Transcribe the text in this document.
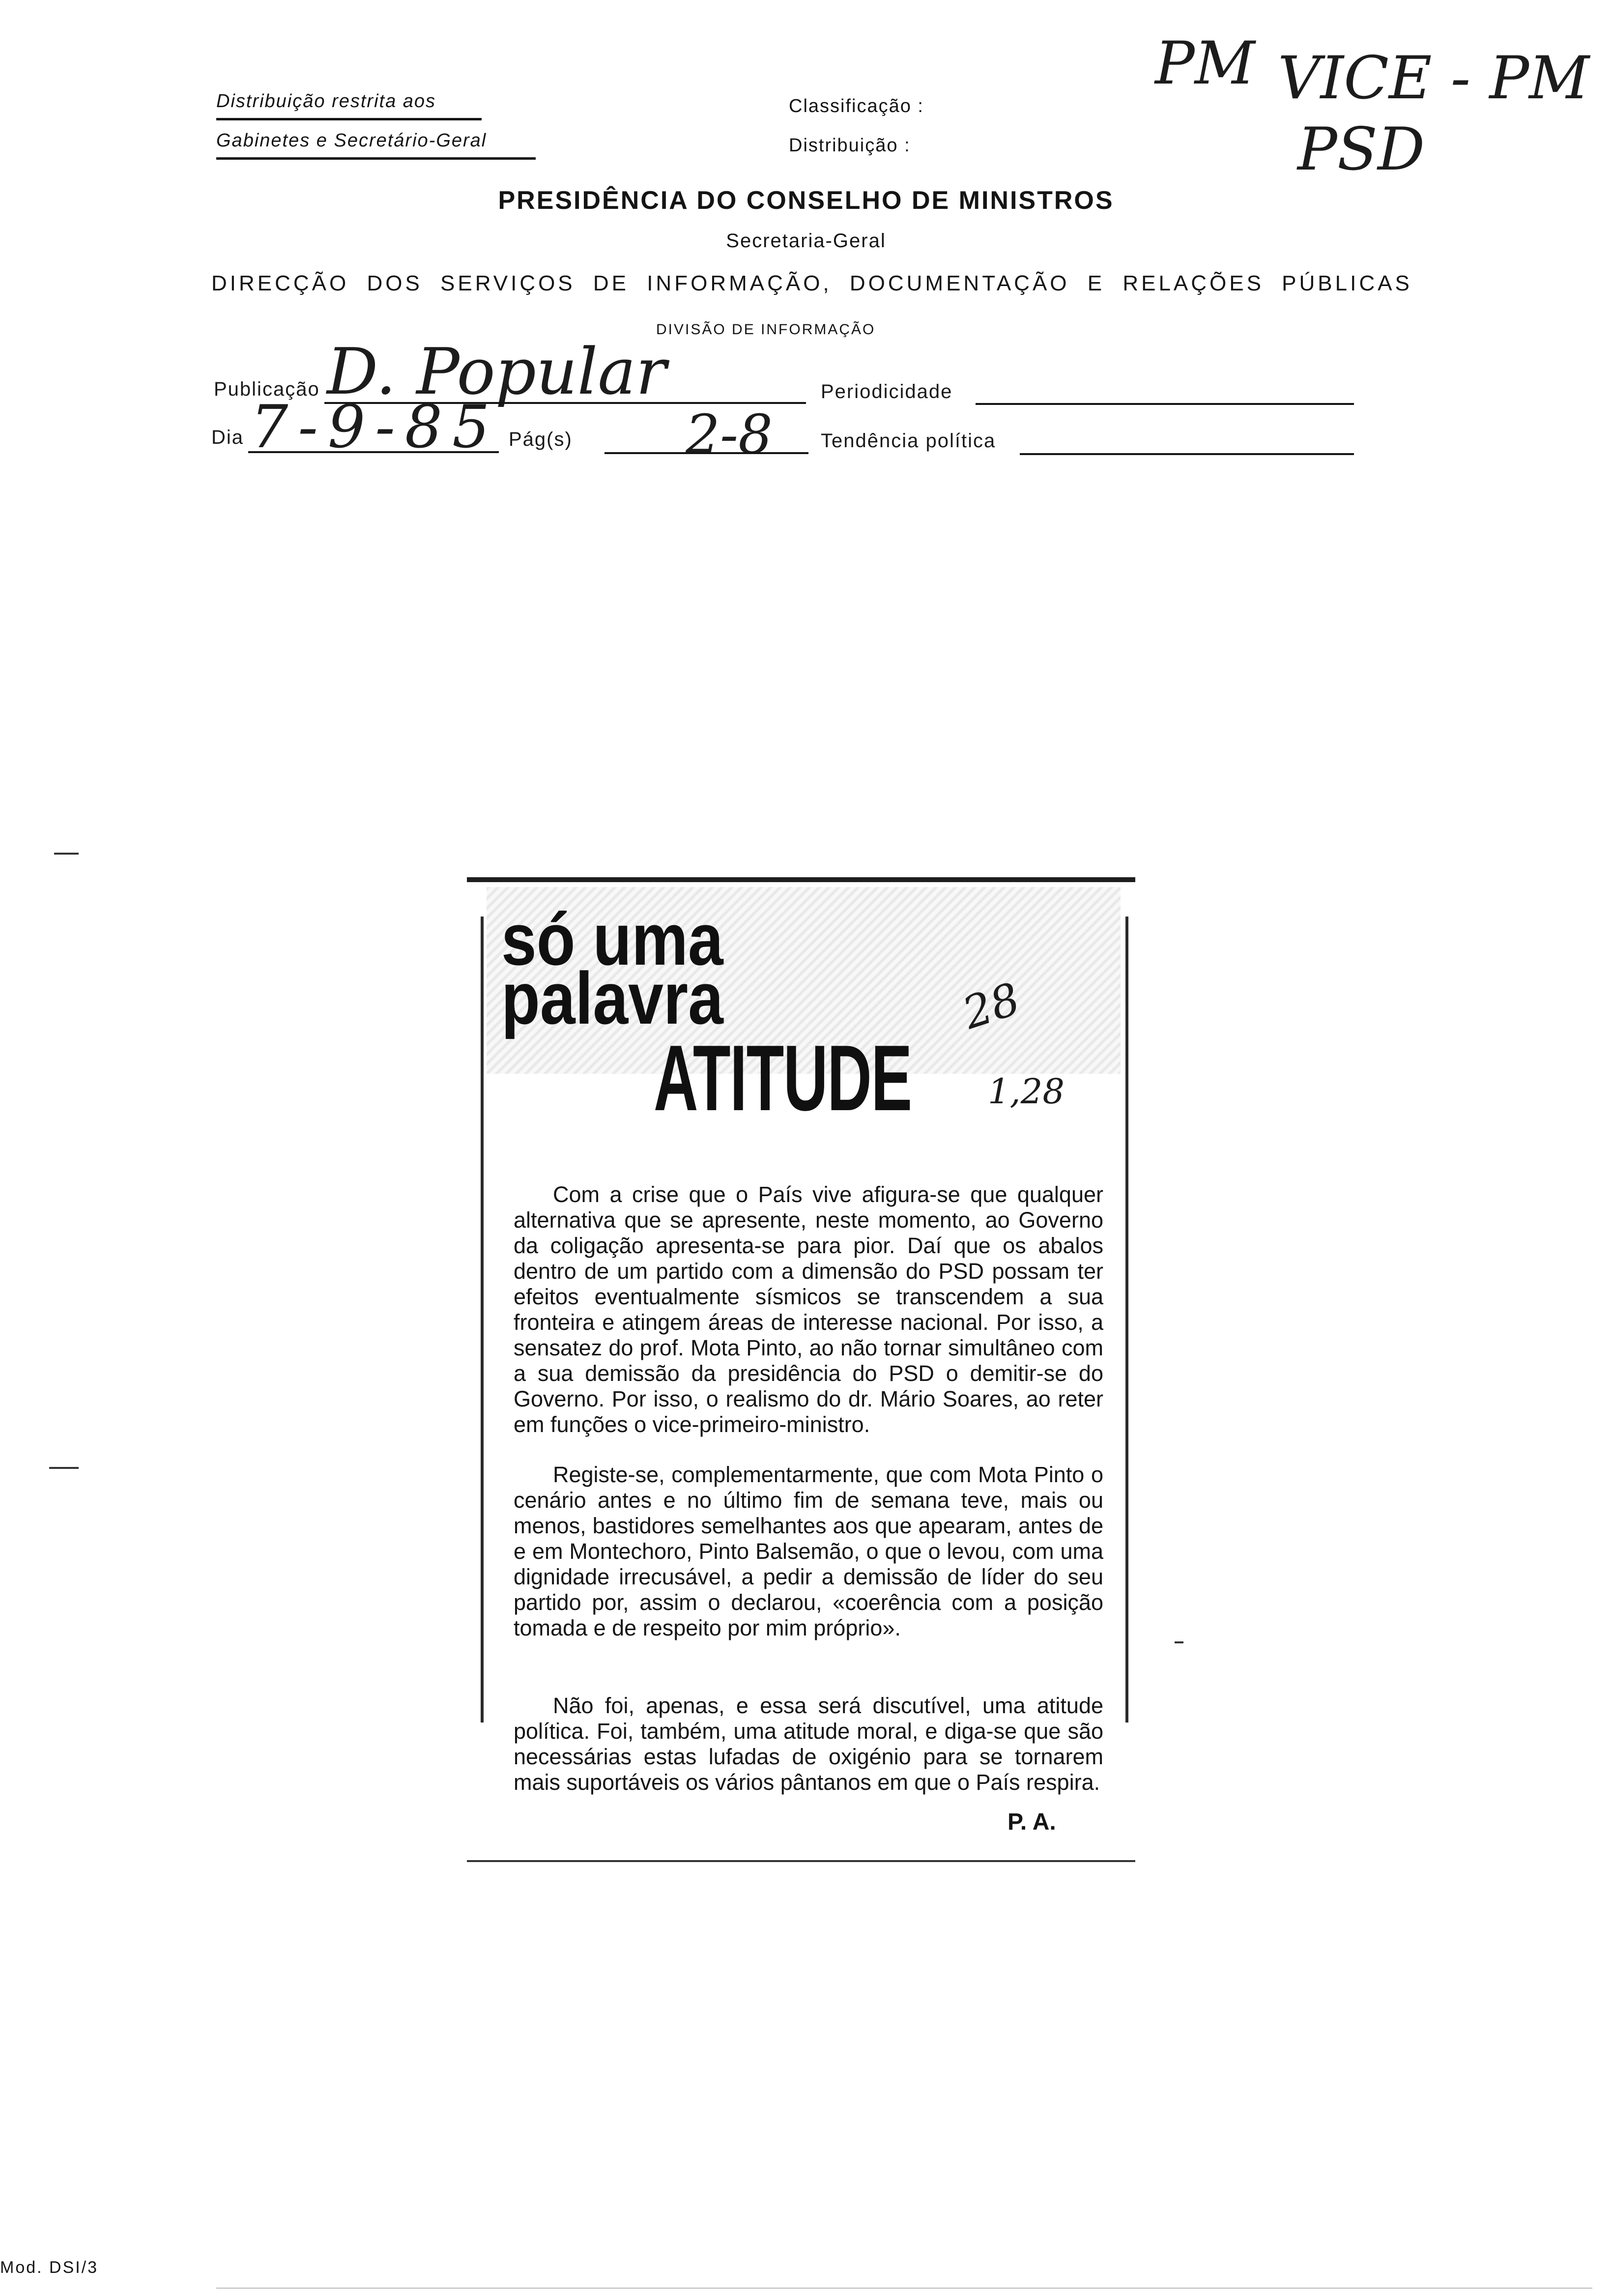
Distribuição restrita aos
Gabinetes e Secretário-Geral
Classificação :
Distribuição :
PM VICE - PM
PSD
PRESIDÊNCIA DO CONSELHO DE MINISTROS
Secretaria-Geral
DIRECÇÃO DOS SERVIÇOS DE INFORMAÇÃO, DOCUMENTAÇÃO E RELAÇÕES PÚBLICAS
DIVISÃO DE INFORMAÇÃO
Publicação D. Popular	Periodicidade
Dia 7-9-85 Pág(s) 2-8 Tendência política
só uma
palavra
ATITUDE
28
1,28
Com a crise que o País vive afigura-se que qualquer alternativa que se apresente, neste momento, ao Governo da coligação apresenta-se para pior. Daí que os abalos dentro de um partido com a dimensão do PSD possam ter efeitos eventualmente sísmicos se transcendem a sua fronteira e atingem áreas de interesse nacional. Por isso, a sensatez do prof. Mota Pinto, ao não tornar simultâneo com a sua demissão da presidência do PSD o demitir-se do Governo. Por isso, o realismo do dr. Mário Soares, ao reter em funções o vice-primeiro-ministro.
Registe-se, complementarmente, que com Mota Pinto o cenário antes e no último fim de semana teve, mais ou menos, bastidores semelhantes aos que apearam, antes de e em Montechoro, Pinto Balsemão, o que o levou, com uma dignidade irrecusável, a pedir a demissão de líder do seu partido por, assim o declarou, «coerência com a posição tomada e de respeito por mim próprio».
Não foi, apenas, e essa será discutível, uma atitude política. Foi, também, uma atitude moral, e diga-se que são necessárias estas lufadas de oxigénio para se tornarem mais suportáveis os vários pântanos em que o País respira.
P. A.
Mod. DSI/3
